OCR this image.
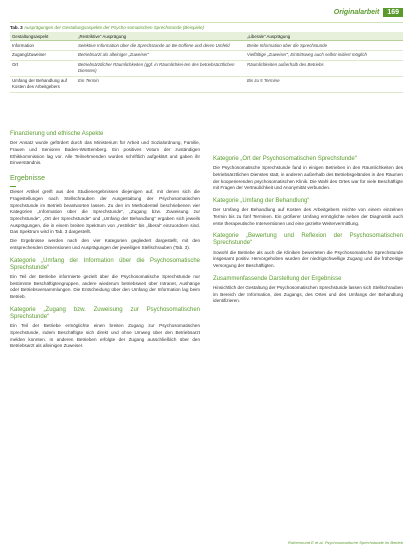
Originalarbeit	169
Tab. 3 Ausprägungen der Gestaltungsaspekte der Psycho-somatischen Sprechstunde (Beispiele)
Gestaltungsaspekt	„Restriktive“ Ausprägung	„Liberale“ Ausprägung
Information	Selektive Information über die Sprechstunde an Be-troffene und deren Umfeld	Breite Information über die Sprechstunde
Zugang/Zuweiser	Betriebsarzt als alleiniger „Zuweiser“	Vielfältige „Zuweiser“, Eintrittsweg auch selbst-initiiert möglich
Ort	Betriebsärztlicher Räumlichkeiten (ggf. in Räumlichkei-ten des betriebsärztlichen Dienstes)	Räumlichkeiten außerhalb des Betriebs
Umfang der Behandlung auf Kosten des Arbeitgebers	Ein Termin	Bis zu 5 Termine
Finanzierung und ethische Aspekte

Der Ansatz wurde gefördert durch das Ministerium für Arbeit und Sozialordnung, Familie, Frauen und Senioren Baden-Württemberg. Ein positives Votum der zuständigen Ethikkommission lag vor. Alle Teilnehmenden wurden schriftlich aufgeklärt und gaben ihr Einverständnis.

Ergebnisse

Dieser Artikel greift aus den Studienergebnissen diejenigen auf, mit denen sich die Fragestellungen nach Stellschrauben der Ausgestaltung der Psychosomatischen Sprechstunde im Betrieb beantworten lassen. Zu den im Methodenteil beschriebenen vier Kategorien „Information über die Sprechstunde“, „Zugang bzw. Zuweisung zur Sprechstunde“, „Ort der Sprechstunde“ und „Umfang der Behandlung“ ergaben sich jeweils Ausprägungen, die in einem breiten Spektrum von „restriktiv“ bis „liberal“ einzuordnen sind. Das Spektrum wird in Tab. 3 dargestellt.

Die Ergebnisse werden nach den vier Kategorien gegliedert dargestellt, mit den entsprechenden Dimensionen und Ausprägungen der jeweiligen Stellschrauben (Tab. 3).

Kategorie „Umfang der Information über die Psychosomatische Sprechstunde“

Ein Teil der Betriebe informierte gezielt über die Psychosomatische Sprechstunde nur bestimmte Beschäftigtengruppen, andere wiederum betriebsweit über Intranet, Aushänge oder Betriebsversammlungen. Die Entscheidung über den Umfang der Information lag beim Betrieb.

Kategorie „Zugang bzw. Zuweisung zur Psychosomatischen Sprechstunde“

Ein Teil der Betriebe ermöglichte einen breiten Zugang zur Psychosomatischen Sprechstunde, indem Beschäftigte sich direkt und ohne Umweg über den Betriebsarzt melden konnten. In anderen Betrieben erfolgte der Zugang ausschließlich über den Betriebsarzt als alleinigen Zuweiser.

Kategorie „Ort der Psychosomatischen Sprechstunde“

Die Psychosomatische Sprechstunde fand in einigen Betrieben in den Räumlichkeiten des betriebsärztlichen Dienstes statt, in anderen außerhalb des Betriebsgeländes in den Räumen der kooperierenden psychosomatischen Klinik. Die Wahl des Ortes war für viele Beschäftigte mit Fragen der Vertraulichkeit und Anonymität verbunden.

Kategorie „Umfang der Behandlung“

Der Umfang der Behandlung auf Kosten des Arbeitgebers reichte von einem einzelnen Termin bis zu fünf Terminen. Ein größerer Umfang ermöglichte neben der Diagnostik auch erste therapeutische Interventionen und eine gezielte Weitervermittlung.

Kategorie „Bewertung und Reflexion der Psychosomatischen Sprechstunde“

Sowohl die Betriebe als auch die Kliniken bewerteten die Psychosomatische Sprechstunde insgesamt positiv. Hervorgehoben wurden der niedrigschwellige Zugang und die frühzeitige Versorgung der Beschäftigten.

Zusammenfassende Darstellung der Ergebnisse

Hinsichtlich der Gestaltung der Psychosomatischen Sprechstunde lassen sich Stellschrauben im Bereich der Information, des Zugangs, des Ortes und des Umfangs der Behandlung identifizieren.

Rothermund E et al. Psychosomatische Sprechstunde im Betrieb
